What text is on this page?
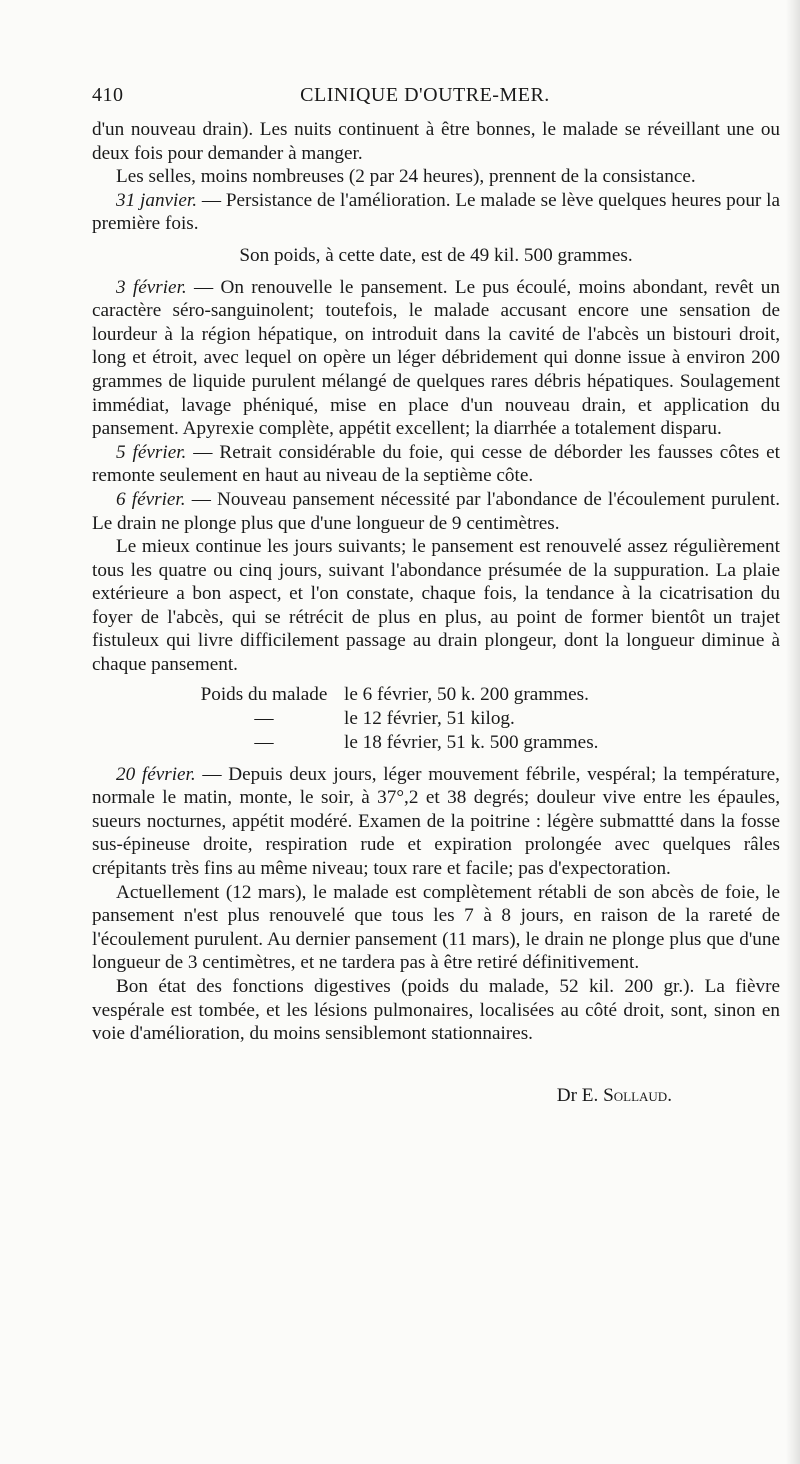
410	CLINIQUE D'OUTRE-MER.

d'un nouveau drain). Les nuits continuent à être bonnes, le malade se réveillant une ou deux fois pour demander à manger.

Les selles, moins nombreuses (2 par 24 heures), prennent de la consistance.

31 janvier. — Persistance de l'amélioration. Le malade se lève quelques heures pour la première fois.

Son poids, à cette date, est de 49 kil. 500 grammes.

3 février. — On renouvelle le pansement. Le pus écoulé, moins abondant, revêt un caractère séro-sanguinolent; toutefois, le malade accusant encore une sensation de lourdeur à la région hépatique, on introduit dans la cavité de l'abcès un bistouri droit, long et étroit, avec lequel on opère un léger débridement qui donne issue à environ 200 grammes de liquide purulent mélangé de quelques rares débris hépatiques. Soulagement immédiat, lavage phéniqué, mise en place d'un nouveau drain, et application du pansement. Apyrexie complète, appétit excellent; la diarrhée a totalement disparu.

5 février. — Retrait considérable du foie, qui cesse de déborder les fausses côtes et remonte seulement en haut au niveau de la septième côte.

6 février. — Nouveau pansement nécessité par l'abondance de l'écoulement purulent. Le drain ne plonge plus que d'une longueur de 9 centimètres.

Le mieux continue les jours suivants; le pansement est renouvelé assez régulièrement tous les quatre ou cinq jours, suivant l'abondance présumée de la suppuration. La plaie extérieure a bon aspect, et l'on constate, chaque fois, la tendance à la cicatrisation du foyer de l'abcès, qui se rétrécit de plus en plus, au point de former bientôt un trajet fistuleux qui livre difficilement passage au drain plongeur, dont la longueur diminue à chaque pansement.

Poids du malade le 6 février, 50 k. 200 grammes.
—	le 12 février, 51 kilog.
—	le 18 février, 51 k. 500 grammes.

20 février. — Depuis deux jours, léger mouvement fébrile, vespéral; la température, normale le matin, monte, le soir, à 37°,2 et 38 degrés; douleur vive entre les épaules, sueurs nocturnes, appétit modéré. Examen de la poitrine : légère submattté dans la fosse sus-épineuse droite, respiration rude et expiration prolongée avec quelques râles crépitants très fins au même niveau; toux rare et facile; pas d'expectoration.

Actuellement (12 mars), le malade est complètement rétabli de son abcès de foie, le pansement n'est plus renouvelé que tous les 7 à 8 jours, en raison de la rareté de l'écoulement purulent. Au dernier pansement (11 mars), le drain ne plonge plus que d'une longueur de 3 centimètres, et ne tardera pas à être retiré définitivement.

Bon état des fonctions digestives (poids du malade, 52 kil. 200 gr.). La fièvre vespérale est tombée, et les lésions pulmonaires, localisées au côté droit, sont, sinon en voie d'amélioration, du moins sensiblemont stationnaires.

Dr E. Sollaud.
